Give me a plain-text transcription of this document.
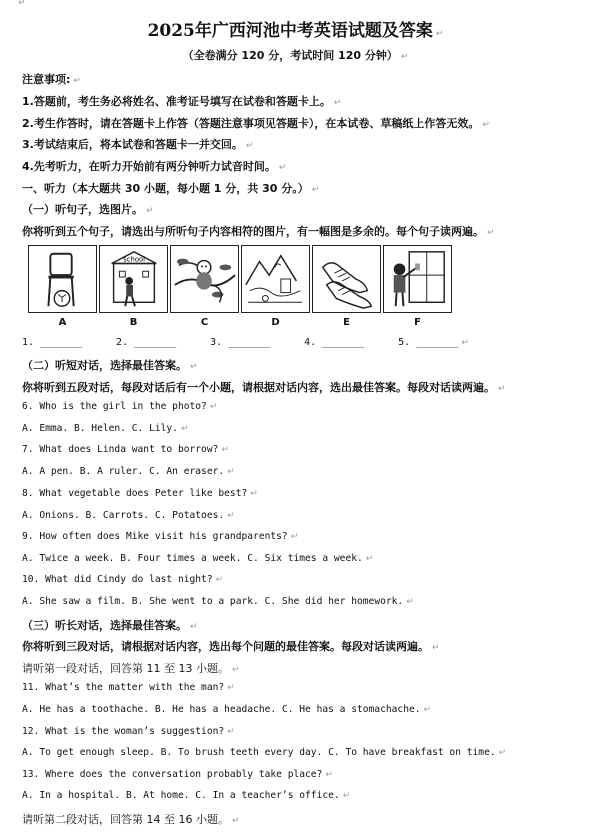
↵
2025年广西河池中考英语试题及答案 ↵
（全卷满分 120 分，考试时间 120 分钟） ↵
注意事项: ↵
1.答题前，考生务必将姓名、准考证号填写在试卷和答题卡上。 ↵
2.考生作答时，请在答题卡上作答（答题注意事项见答题卡），在本试卷、草稿纸上作答无效。 ↵
3.考试结束后，将本试卷和答题卡一并交回。 ↵
4.先考听力，在听力开始前有两分钟听力试音时间。 ↵
一、听力（本大题共 30 小题，每小题 1 分，共 30 分。） ↵
（一）听句子，选图片。 ↵
你将听到五个句子，请选出与所听句子内容相符的图片，有一幅图是多余的。每个句子读两遍。 ↵
school
A	B	C	D	E	F
1. _______	2. _______	3. _______	4. _______	5. _______ ↵
（二）听短对话，选择最佳答案。 ↵
你将听到五段对话，每段对话后有一个小题，请根据对话内容，选出最佳答案。每段对话读两遍。 ↵
6. Who is the girl in the photo? ↵
A. Emma. B. Helen. C. Lily. ↵
7. What does Linda want to borrow? ↵
A. A pen. B. A ruler. C. An eraser. ↵
8. What vegetable does Peter like best? ↵
A. Onions. B. Carrots. C. Potatoes. ↵
9. How often does Mike visit his grandparents? ↵
A. Twice a week. B. Four times a week. C. Six times a week. ↵
10. What did Cindy do last night? ↵
A. She saw a film. B. She went to a park. C. She did her homework. ↵
（三）听长对话，选择最佳答案。 ↵
你将听到三段对话，请根据对话内容，选出每个问题的最佳答案。每段对话读两遍。 ↵
请听第一段对话，回答第 11 至 13 小题。 ↵
11. What’s the matter with the man? ↵
A. He has a toothache. B. He has a headache. C. He has a stomachache. ↵
12. What is the woman’s suggestion? ↵
A. To get enough sleep. B. To brush teeth every day. C. To have breakfast on time. ↵
13. Where does the conversation probably take place? ↵
A. In a hospital. B. At home. C. In a teacher’s office. ↵
请听第二段对话，回答第 14 至 16 小题。 ↵
